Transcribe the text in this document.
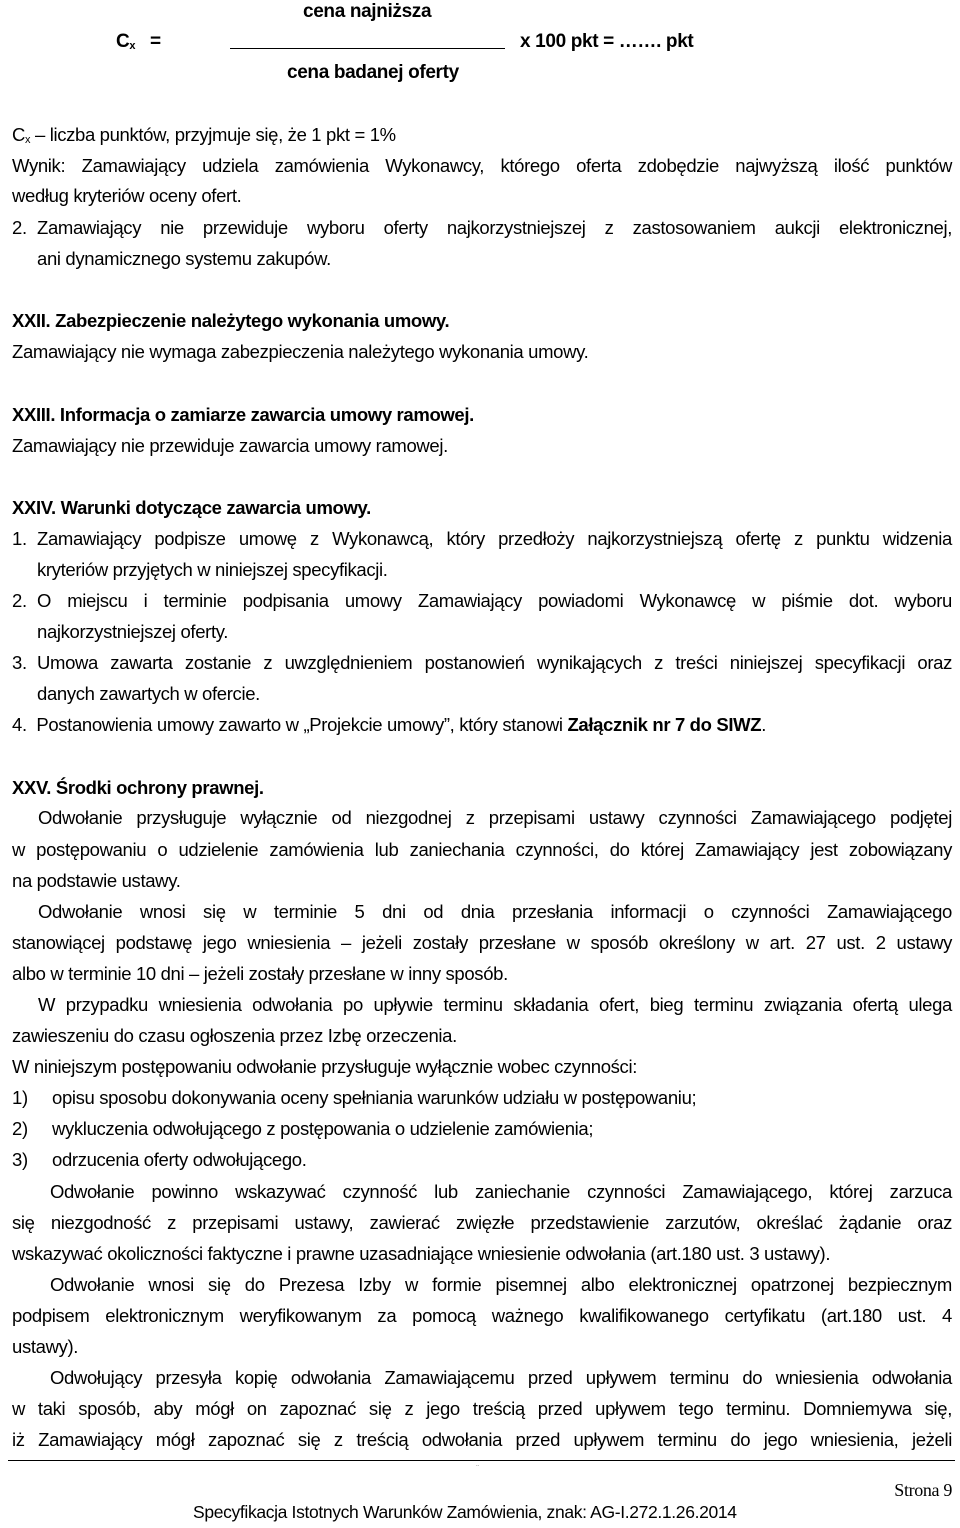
cena najniższa
$C_x$ =	x 100 pkt = ……. pkt
cena badanej oferty
$C_x$ – liczba punktów, przyjmuje się, że 1 pkt = 1%
Wynik: Zamawiający udziela zamówienia Wykonawcy, którego oferta zdobędzie najwyższą ilość punktów
według kryteriów oceny ofert.
2. Zamawiający nie przewiduje wyboru oferty najkorzystniejszej z zastosowaniem aukcji elektronicznej,
ani dynamicznego systemu zakupów.
XXII. Zabezpieczenie należytego wykonania umowy.
Zamawiający nie wymaga zabezpieczenia należytego wykonania umowy.
XXIII. Informacja o zamiarze zawarcia umowy ramowej.
Zamawiający nie przewiduje zawarcia umowy ramowej.
XXIV. Warunki dotyczące zawarcia umowy.
1. Zamawiający podpisze umowę z Wykonawcą, który przedłoży najkorzystniejszą ofertę z punktu widzenia
kryteriów przyjętych w niniejszej specyfikacji.
2. O miejscu i terminie podpisania umowy Zamawiający powiadomi Wykonawcę w piśmie dot. wyboru
najkorzystniejszej oferty.
3. Umowa zawarta zostanie z uwzględnieniem postanowień wynikających z treści niniejszej specyfikacji oraz
danych zawartych w ofercie.
4. Postanowienia umowy zawarto w „Projekcie umowy”, który stanowi Załącznik nr 7 do SIWZ.
XXV. Środki ochrony prawnej.
Odwołanie przysługuje wyłącznie od niezgodnej z przepisami ustawy czynności Zamawiającego podjętej
w postępowaniu o udzielenie zamówienia lub zaniechania czynności, do której Zamawiający jest zobowiązany
na podstawie ustawy.
Odwołanie wnosi się w terminie 5 dni od dnia przesłania informacji o czynności Zamawiającego
stanowiącej podstawę jego wniesienia – jeżeli zostały przesłane w sposób określony w art. 27 ust. 2 ustawy
albo w terminie 10 dni – jeżeli zostały przesłane w inny sposób.
W przypadku wniesienia odwołania po upływie terminu składania ofert, bieg terminu związania ofertą ulega
zawieszeniu do czasu ogłoszenia przez Izbę orzeczenia.
W niniejszym postępowaniu odwołanie przysługuje wyłącznie wobec czynności:
1) opisu sposobu dokonywania oceny spełniania warunków udziału w postępowaniu;
2) wykluczenia odwołującego z postępowania o udzielenie zamówienia;
3) odrzucenia oferty odwołującego.
Odwołanie powinno wskazywać czynność lub zaniechanie czynności Zamawiającego, której zarzuca
się niezgodność z przepisami ustawy, zawierać zwięzłe przedstawienie zarzutów, określać żądanie oraz
wskazywać okoliczności faktyczne i prawne uzasadniające wniesienie odwołania (art.180 ust. 3 ustawy).
Odwołanie wnosi się do Prezesa Izby w formie pisemnej albo elektronicznej opatrzonej bezpiecznym
podpisem elektronicznym weryfikowanym za pomocą ważnego kwalifikowanego certyfikatu (art.180 ust. 4
ustawy).
Odwołujący przesyła kopię odwołania Zamawiającemu przed upływem terminu do wniesienia odwołania
w taki sposób, aby mógł on zapoznać się z jego treścią przed upływem tego terminu. Domniemywa się,
iż Zamawiający mógł zapoznać się z treścią odwołania przed upływem terminu do jego wniesienia, jeżeli
..
Strona 9
Specyfikacja Istotnych Warunków Zamówienia, znak: AG-I.272.1.26.2014
